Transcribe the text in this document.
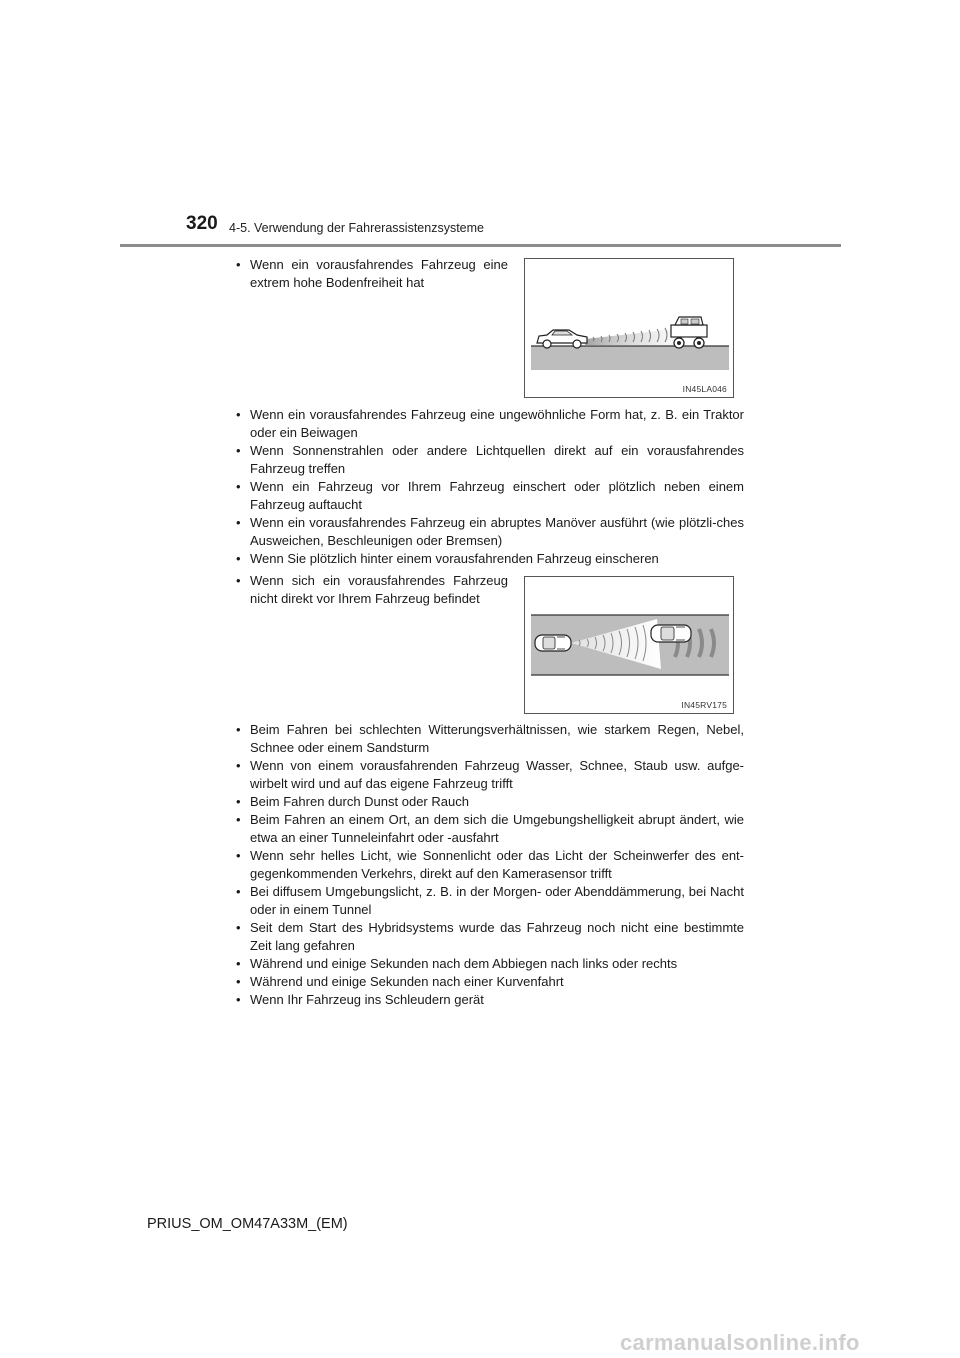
320 4-5. Verwendung der Fahrerassistenzsysteme
• Wenn ein vorausfahrendes Fahrzeug eine extrem hohe Bodenfreiheit hat
IN45LA046
• Wenn ein vorausfahrendes Fahrzeug eine ungewöhnliche Form hat, z. B. ein Traktor oder ein Beiwagen
• Wenn Sonnenstrahlen oder andere Lichtquellen direkt auf ein vorausfahrendes Fahrzeug treffen
• Wenn ein Fahrzeug vor Ihrem Fahrzeug einschert oder plötzlich neben einem Fahrzeug auftaucht
• Wenn ein vorausfahrendes Fahrzeug ein abruptes Manöver ausführt (wie plötzli-ches Ausweichen, Beschleunigen oder Bremsen)
• Wenn Sie plötzlich hinter einem vorausfahrenden Fahrzeug einscheren
• Wenn sich ein vorausfahrendes Fahrzeug nicht direkt vor Ihrem Fahrzeug befindet
IN45RV175
• Beim Fahren bei schlechten Witterungsverhältnissen, wie starkem Regen, Nebel, Schnee oder einem Sandsturm
• Wenn von einem vorausfahrenden Fahrzeug Wasser, Schnee, Staub usw. aufge-wirbelt wird und auf das eigene Fahrzeug trifft
• Beim Fahren durch Dunst oder Rauch
• Beim Fahren an einem Ort, an dem sich die Umgebungshelligkeit abrupt ändert, wie etwa an einer Tunneleinfahrt oder -ausfahrt
• Wenn sehr helles Licht, wie Sonnenlicht oder das Licht der Scheinwerfer des ent-gegenkommenden Verkehrs, direkt auf den Kamerasensor trifft
• Bei diffusem Umgebungslicht, z. B. in der Morgen- oder Abenddämmerung, bei Nacht oder in einem Tunnel
• Seit dem Start des Hybridsystems wurde das Fahrzeug noch nicht eine bestimmte Zeit lang gefahren
• Während und einige Sekunden nach dem Abbiegen nach links oder rechts
• Während und einige Sekunden nach einer Kurvenfahrt
• Wenn Ihr Fahrzeug ins Schleudern gerät
PRIUS_OM_OM47A33M_(EM)
carmanualsonline.info
